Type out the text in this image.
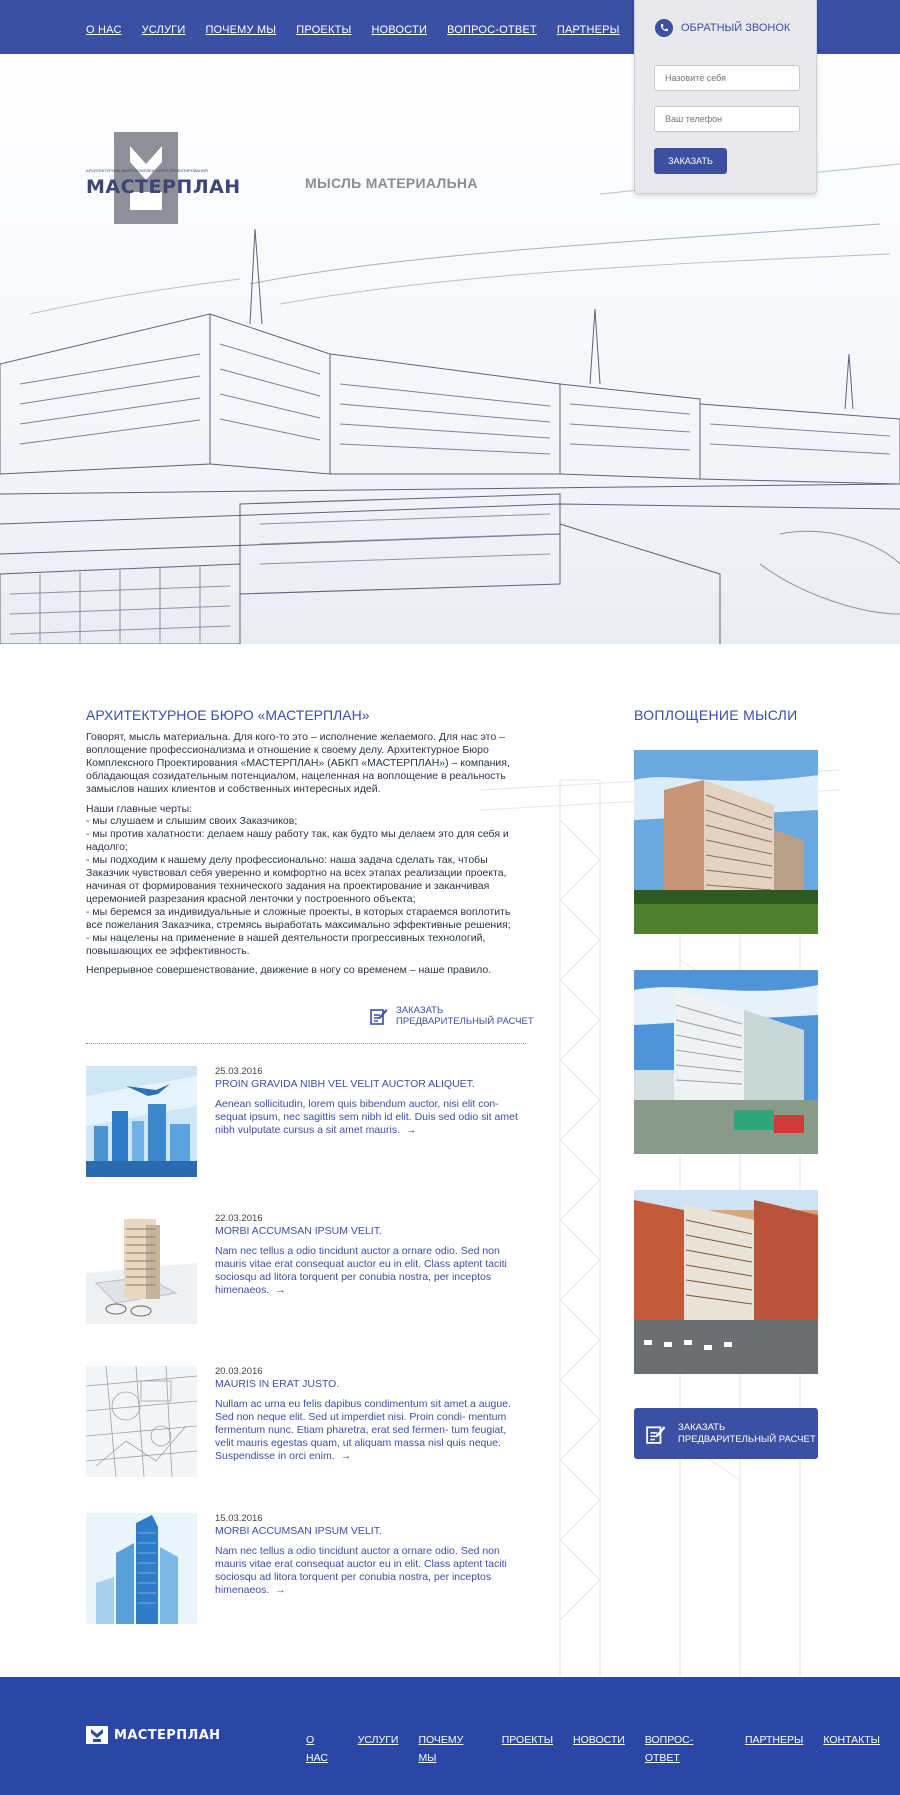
О НАС УСЛУГИ ПОЧЕМУ МЫ ПРОЕКТЫ НОВОСТИ ВОПРОС-ОТВЕТ ПАРТНЕРЫ
АРХИТЕКТУРНОЕ БЮРО КОМПЛЕКСНОГО ПРОЕКТИРОВАНИЯ
МАСТЕРПЛАН	МЫСЛЬ МАТЕРИАЛЬНА
ОБРАТНЫЙ ЗВОНОК
Назовите себя
Ваш телефон
ЗАКАЗАТЬ
АРХИТЕКТУРНОЕ БЮРО «МАСТЕРПЛАН»

Говорят, мысль материальна. Для кого-то это – исполнение желаемого. Для нас это – воплощение профессионализма и отношение к своему делу. Архитектурное Бюро Комплексного Проектирования «МАСТЕРПЛАН» (АБКП «МАСТЕРПЛАН») – компания, обладающая созидательным потенциалом, нацеленная на воплощение в реальность замыслов наших клиентов и собственных интересных идей.

Наши главные черты:
- мы слушаем и слышим своих Заказчиков;
- мы против халатности: делаем нашу работу так, как будто мы делаем это для себя и надолго;
- мы подходим к нашему делу профессионально: наша задача сделать так, чтобы Заказчик чувствовал себя уверенно и комфортно на всех этапах реализации проекта, начиная от формирования технического задания на проектирование и заканчивая церемонией разрезания красной ленточки у построенного объекта;
- мы беремся за индивидуальные и сложные проекты, в которых стараемся воплотить все пожелания Заказчика, стремясь выработать максимально эффективные решения;
- мы нацелены на применение в нашей деятельности прогрессивных технологий, повышающих ее эффективность.

Непрерывное совершенствование, движение в ногу со временем – наше правило.

ЗАКАЗАТЬ
ПРЕДВАРИТЕЛЬНЫЙ РАСЧЕТ
25.03.2016
PROIN GRAVIDA NIBH VEL VELIT AUCTOR ALIQUET.
Aenean sollicitudin, lorem quis bibendum auctor, nisi elit con- sequat ipsum, nec sagittis sem nibh id elit. Duis sed odio sit amet nibh vulputate cursus a sit amet mauris. →
22.03.2016
MORBI ACCUMSAN IPSUM VELIT.
Nam nec tellus a odio tincidunt auctor a ornare odio. Sed non mauris vitae erat consequat auctor eu in elit. Class aptent taciti sociosqu ad litora torquent per conubia nostra, per inceptos himenaeos. →
20.03.2016
MAURIS IN ERAT JUSTO.
Nullam ac urna eu felis dapibus condimentum sit amet a augue. Sed non neque elit. Sed ut imperdiet nisi. Proin condi- mentum fermentum nunc. Etiam pharetra, erat sed fermen- tum feugiat, velit mauris egestas quam, ut aliquam massa nisl quis neque. Suspendisse in orci enim. →
15.03.2016
MORBI ACCUMSAN IPSUM VELIT.
Nam nec tellus a odio tincidunt auctor a ornare odio. Sed non mauris vitae erat consequat auctor eu in elit. Class aptent taciti sociosqu ad litora torquent per conubia nostra, per inceptos himenaeos. →
ВОПЛОЩЕНИЕ МЫСЛИ
ЗАКАЗАТЬ
ПРЕДВАРИТЕЛЬНЫЙ РАСЧЕТ
МАСТЕРПЛАН	О НАС
УСЛУГИ ПОЧЕМУ МЫ
ПРОЕКТЫ НОВОСТИ ВОПРОС-ОТВЕТ
ПАРТНЕРЫ КОНТАКТЫ
